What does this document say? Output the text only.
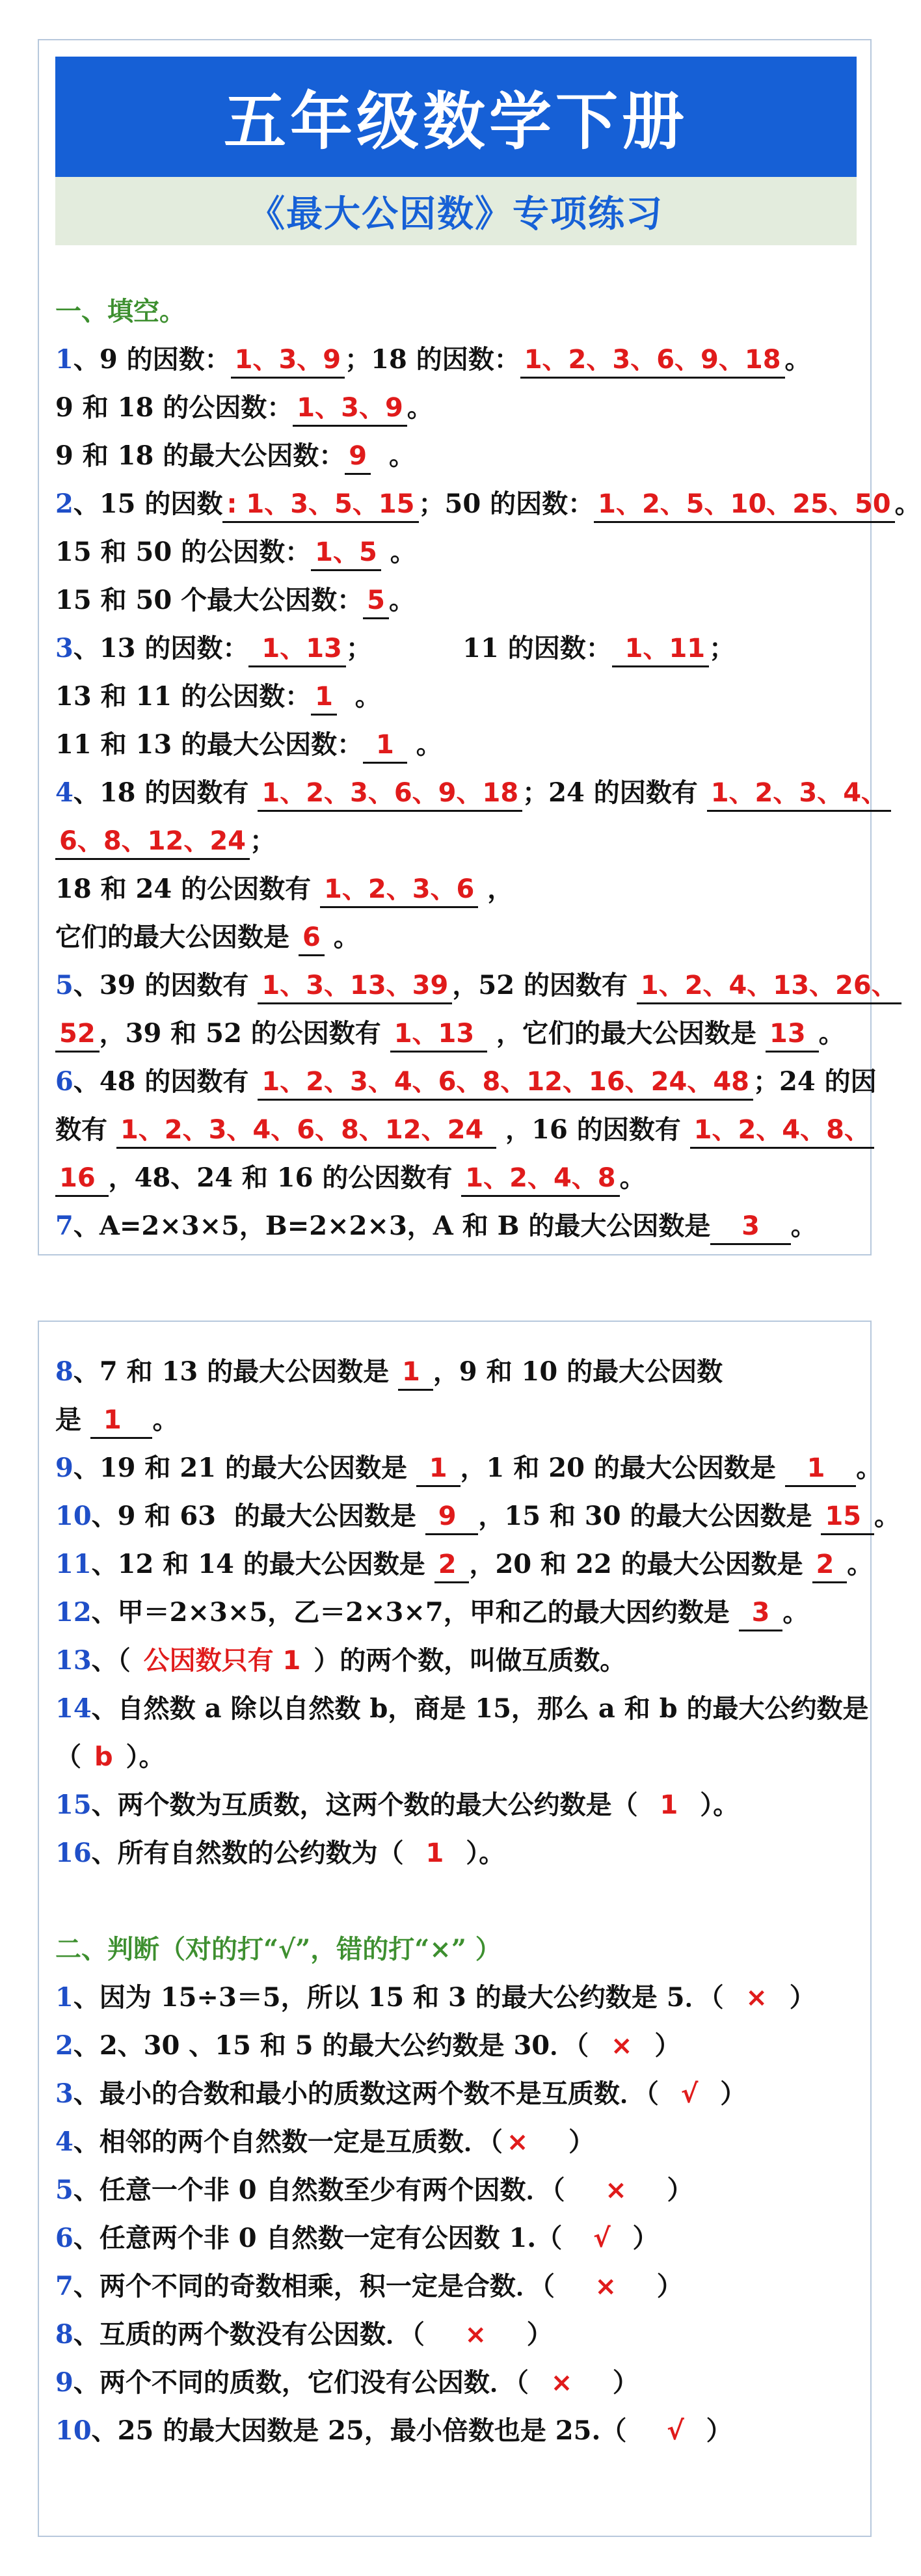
五年级数学下册
《最大公因数》专项练习
一、填空。
1、9 的因数： 1、3、9 ；18 的因数： 1、2、3、6、9、18 。
9 和 18 的公因数： 1、3、9 。
9 和 18 的最大公因数： 9  。
2、15 的因数 : 1、3、5、15 ；50 的因数： 1、2、5、10、25、50 。
15 和 50 的公因数： 1、5 。
15 和 50 个最大公因数： 5 。
3、13 的因数： 1、13 ；          11 的因数： 1、11 ；
13 和 11 的公因数： 1  。
11 和 13 的最大公因数： 1  。
4、18 的因数有 1、2、3、6、9、18 ；24 的因数有 1、2、3、4、
6、8、12、24 ；
18 和 24 的公因数有 1、2、3、6 ，
它们的最大公因数是 6 。
5、39 的因数有 1、3、13、39 ，52 的因数有 1、2、4、13、26、
52 ，39 和 52 的公因数有 1、13  ，它们的最大公因数是 13 。
6、48 的因数有 1、2、3、4、6、8、12、16、24、48 ；24 的因
数有 1、2、3、4、6、8、12、24  ，16 的因数有 1、2、4、8、
16 ，48、24 和 16 的公因数有 1、2、4、8 。
7、A=2×3×5，B=2×2×3，A 和 B 的最大公因数是   3   。
8、7 和 13 的最大公因数是 1 ，9 和 10 的最大公因数
是  1   。
9、19 和 21 的最大公因数是  1 ，1 和 20 的最大公因数是   1   。
10、9 和 63  的最大公因数是  9  ，15 和 30 的最大公因数是 15 。
11、12 和 14 的最大公因数是 2 ，20 和 22 的最大公因数是 2 。
12、甲＝2×3×5，乙＝2×3×7，甲和乙的最大因约数是  3 。
13、（ 公因数只有 1 ）的两个数，叫做互质数。
14、自然数 a 除以自然数 b，商是 15，那么 a 和 b 的最大公约数是
（ b ）。
15、两个数为互质数，这两个数的最大公约数是（  1  ）。
16、所有自然数的公约数为（  1  ）。
二、判断（对的打“√”，错的打“×” ）
1、因为 15÷3＝5，所以 15 和 3 的最大公约数是 5．（  ×  ）
2、2、30 、15 和 5 的最大公约数是 30．（  ×  ）
3、最小的合数和最小的质数这两个数不是互质数．（  √  ）
4、相邻的两个自然数一定是互质数．（ ×    ）
5、任意一个非 0 自然数至少有两个因数．（    ×    ）
6、任意两个非 0 自然数一定有公因数 1.（   √  ）
7、两个不同的奇数相乘，积一定是合数．（    ×    ）
8、互质的两个数没有公因数．（    ×    ）
9、两个不同的质数，它们没有公因数．（  ×    ）
10、25 的最大因数是 25，最小倍数也是 25.（    √  ）
